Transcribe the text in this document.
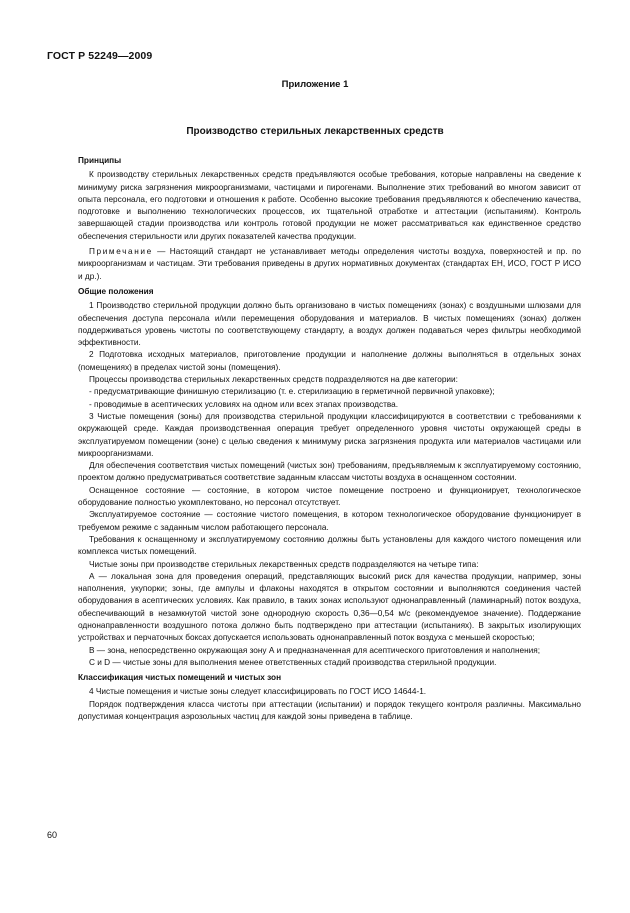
ГОСТ Р 52249—2009
Приложение 1
Производство стерильных лекарственных средств

Принципы

К производству стерильных лекарственных средств предъявляются особые требования, которые направлены на сведение к минимуму риска загрязнения микроорганизмами, частицами и пирогенами. Выполнение этих требований во многом зависит от опыта персонала, его подготовки и отношения к работе. Особенно высокие требования предъявляются к обеспечению качества, подготовке и выполнению технологических процессов, их тщательной отработке и аттестации (испытаниям). Контроль завершающей стадии производства или контроль готовой продукции не может рассматриваться как единственное средство обеспечения стерильности или других показателей качества продукции.

Примечание — Настоящий стандарт не устанавливает методы определения чистоты воздуха, поверхностей и пр. по микроорганизмам и частицам. Эти требования приведены в других нормативных документах (стандартах ЕН, ИСО, ГОСТ Р ИСО и др.).

Общие положения

1 Производство стерильной продукции должно быть организовано в чистых помещениях (зонах) с воздушными шлюзами для обеспечения доступа персонала и/или перемещения оборудования и материалов. В чистых помещениях (зонах) должен поддерживаться уровень чистоты по соответствующему стандарту, а воздух должен подаваться через фильтры необходимой эффективности.

2 Подготовка исходных материалов, приготовление продукции и наполнение должны выполняться в отдельных зонах (помещениях) в пределах чистой зоны (помещения).

Процессы производства стерильных лекарственных средств подразделяются на две категории:

- предусматривающие финишную стерилизацию (т. е. стерилизацию в герметичной первичной упаковке);

- проводимые в асептических условиях на одном или всех этапах производства.

3 Чистые помещения (зоны) для производства стерильной продукции классифицируются в соответствии с требованиями к окружающей среде. Каждая производственная операция требует определенного уровня чистоты окружающей среды в эксплуатируемом помещении (зоне) с целью сведения к минимуму риска загрязнения продукта или материалов частицами или микроорганизмами.

Для обеспечения соответствия чистых помещений (чистых зон) требованиям, предъявляемым к эксплуатируемому состоянию, проектом должно предусматриваться соответствие заданным классам чистоты воздуха в оснащенном состоянии.

Оснащенное состояние — состояние, в котором чистое помещение построено и функционирует, технологическое оборудование полностью укомплектовано, но персонал отсутствует.

Эксплуатируемое состояние — состояние чистого помещения, в котором технологическое оборудование функционирует в требуемом режиме с заданным числом работающего персонала.

Требования к оснащенному и эксплуатируемому состоянию должны быть установлены для каждого чистого помещения или комплекса чистых помещений.

Чистые зоны при производстве стерильных лекарственных средств подразделяются на четыре типа:

А — локальная зона для проведения операций, представляющих высокий риск для качества продукции, например, зоны наполнения, укупорки; зоны, где ампулы и флаконы находятся в открытом состоянии и выполняются соединения частей оборудования в асептических условиях. Как правило, в таких зонах используют однонаправленный (ламинарный) поток воздуха, обеспечивающий в незамкнутой чистой зоне однородную скорость 0,36—0,54 м/с (рекомендуемое значение). Поддержание однонаправленности воздушного потока должно быть подтверждено при аттестации (испытаниях). В закрытых изолирующих устройствах и перчаточных боксах допускается использовать однонаправленный поток воздуха с меньшей скоростью;

В — зона, непосредственно окружающая зону А и предназначенная для асептического приготовления и наполнения;

С и D — чистые зоны для выполнения менее ответственных стадий производства стерильной продукции.

Классификация чистых помещений и чистых зон

4 Чистые помещения и чистые зоны следует классифицировать по ГОСТ ИСО 14644-1.

Порядок подтверждения класса чистоты при аттестации (испытании) и порядок текущего контроля различны. Максимально допустимая концентрация аэрозольных частиц для каждой зоны приведена в таблице.

60
